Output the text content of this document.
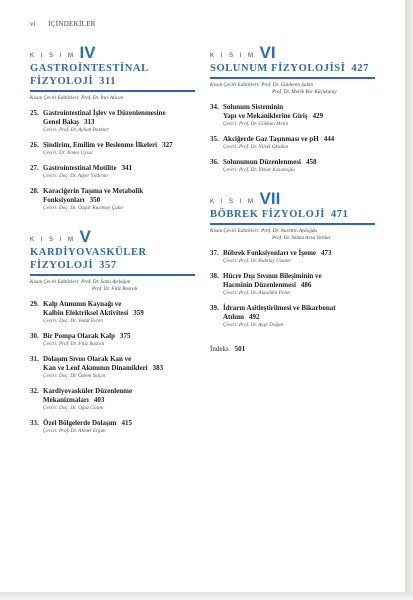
vi İÇİNDEKİLER
K I S I M IV
GASTROİNTESTİNAL
FİZYOLOJİ 311
Kısım Çeviri Editörleri: Prof. Dr. İnci Alican
25. Gastrointestinal İşlev ve Düzenlenmesine
Genel Bakış 313
Çeviri: Prof. Dr. Ayhan Bozkurt
26. Sindirim, Emilim ve Beslenme İlkeleri 327
Çeviri: Dr. Nimet Uysal
27. Gastrointestinal Motilite 341
Çeviri: Doç. Dr. Alper Yıldırım
28. Karaciğerin Taşıma ve Metabolik
Fonksiyonları 350
Çeviri: Doç. Dr. Özgür Kasımay Çakır
K I S I M V
KARDİYOVASKÜLER
FİZYOLOJİ 357
Kısım Çeviri Editörleri: Prof. Dr. Sami Aydoğan
Prof. Dr. Filiz Basralı
29. Kalp Atımının Kaynağı ve
Kalbin Elektriksel Aktivitesi 359
Çeviri: Doç. Dr. Vedat Evren
30. Bir Pompa Olarak Kalp 375
Çeviri: Prof. Dr. Filiz Basralı
31. Dolaşım Sıvısı Olarak Kan ve
Kan ve Lenf Akımının Dinamikleri 383
Çeviri: Doç. Dr. Özlem Yalçın
32. Kardiyovasküler Düzenlenme
Mekanizmaları 403
Çeviri: Doç. Dr. Oğuz Gözen
33. Özel Bölgelerde Dolaşım 415
Çeviri: Prof. Dr. Ahmet Ergün
K I S I M VI
SOLUNUM FİZYOLOJİSİ 427
Kısım Çeviri Editörleri: Prof. Dr. Gülderen Şahin
Prof. Dr. Melek Bor Küçükatay
34. Solunum Sisteminin
Yapı ve Mekaniklerine Giriş 429
Çeviri: Prof. Dr. Gökhan Metin
35. Akciğerde Gaz Taşınması ve pH 444
Çeviri: Prof. Dr. Nilsel Okudan
36. Solunumun Düzenlenmesi 458
Çeviri: Prof. Dr. İlknur Kozanoğlu
K I S I M VII
BÖBREK FİZYOLOJİ 471
Kısım Çeviri Editörleri: Prof. Dr. Nurettin Aydoğdu
Prof. Dr. Selma Arzu Vardar
37. Böbrek Fonksiyonları ve İşeme 473
Çeviri: Prof. Dr. Kubilay Uzuner
38. Hücre Dışı Sıvının Bileşiminin ve
Hacminin Düzenlenmesi 486
Çeviri: Prof. Dr. Alaaddin Polat
39. İdrarın Asitleştirilmesi ve Bikarbonat
Atılımı 492
Çeviri: Prof. Dr. Ayşe Doğan
İndeks 501
